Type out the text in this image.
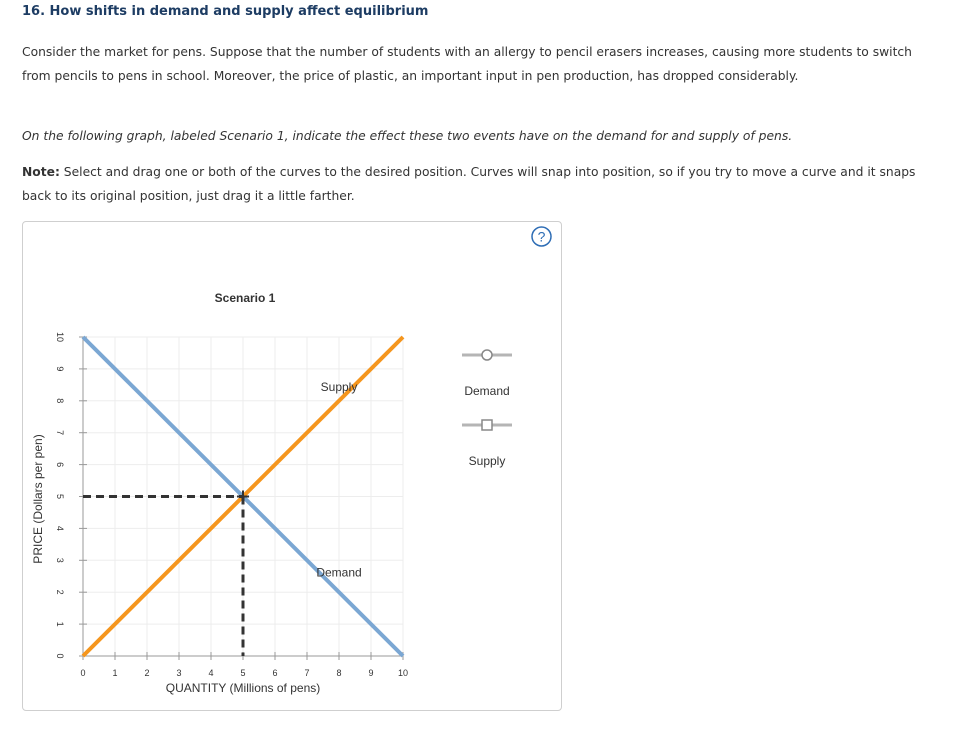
16. How shifts in demand and supply affect equilibrium

Consider the market for pens. Suppose that the number of students with an allergy to pencil erasers increases, causing more students to switch from pencils to pens in school. Moreover, the price of plastic, an important input in pen production, has dropped considerably.

On the following graph, labeled Scenario 1, indicate the effect these two events have on the demand for and supply of pens.

Note: Select and drag one or both of the curves to the desired position. Curves will snap into position, so if you try to move a curve and it snaps back to its original position, just drag it a little farther.

?
0	1	2	3	4	5	6	7	8	9	10
0
1
2
3
4
5
6
7
8
9
10
Demand
Supply	Demand
Supply
Scenario 1
QUANTITY (Millions of pens)
PRICE (Dollars per pen)
